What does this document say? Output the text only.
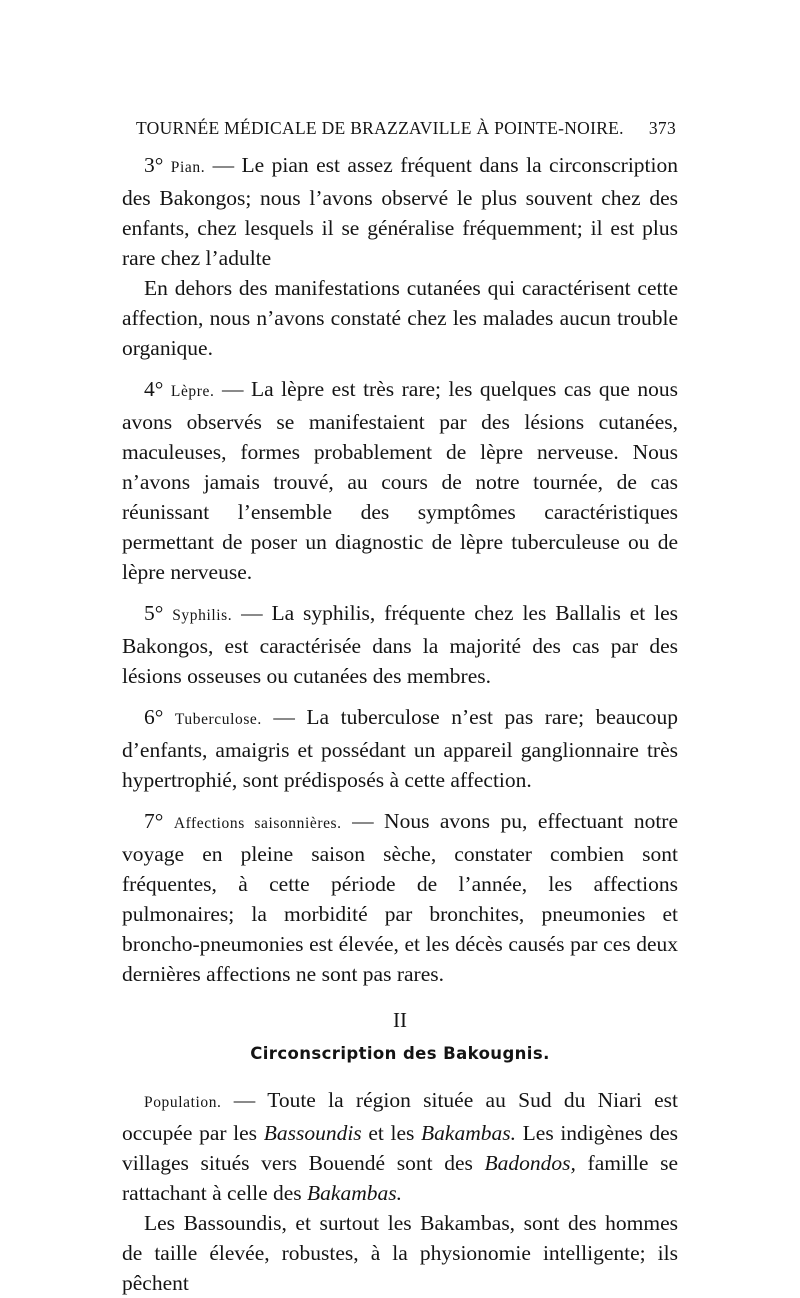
TOURNÉE MÉDICALE DE BRAZZAVILLE À POINTE-NOIRE. 373

3° Pian. — Le pian est assez fréquent dans la circonscription des Bakongos; nous l’avons observé le plus souvent chez des enfants, chez lesquels il se généralise fréquemment; il est plus rare chez l’adulte

En dehors des manifestations cutanées qui caractérisent cette affection, nous n’avons constaté chez les malades aucun trouble organique.

4° Lèpre. — La lèpre est très rare; les quelques cas que nous avons observés se manifestaient par des lésions cutanées, maculeuses, formes probablement de lèpre nerveuse. Nous n’avons jamais trouvé, au cours de notre tournée, de cas réunissant l’ensemble des symptômes caractéristiques permettant de poser un diagnostic de lèpre tuberculeuse ou de lèpre nerveuse.

5° Syphilis. — La syphilis, fréquente chez les Ballalis et les Bakongos, est caractérisée dans la majorité des cas par des lésions osseuses ou cutanées des membres.

6° Tuberculose. — La tuberculose n’est pas rare; beaucoup d’enfants, amaigris et possédant un appareil ganglionnaire très hypertrophié, sont prédisposés à cette affection.

7° Affections saisonnières. — Nous avons pu, effectuant notre voyage en pleine saison sèche, constater combien sont fréquentes, à cette période de l’année, les affections pulmonaires; la morbidité par bronchites, pneumonies et broncho-pneumonies est élevée, et les décès causés par ces deux dernières affections ne sont pas rares.

II

Circonscription des Bakougnis.

Population. — Toute la région située au Sud du Niari est occupée par les Bassoundis et les Bakambas. Les indigènes des villages situés vers Bouendé sont des Badondos, famille se rattachant à celle des Bakambas.

Les Bassoundis, et surtout les Bakambas, sont des hommes de taille élevée, robustes, à la physionomie intelligente; ils pêchent
